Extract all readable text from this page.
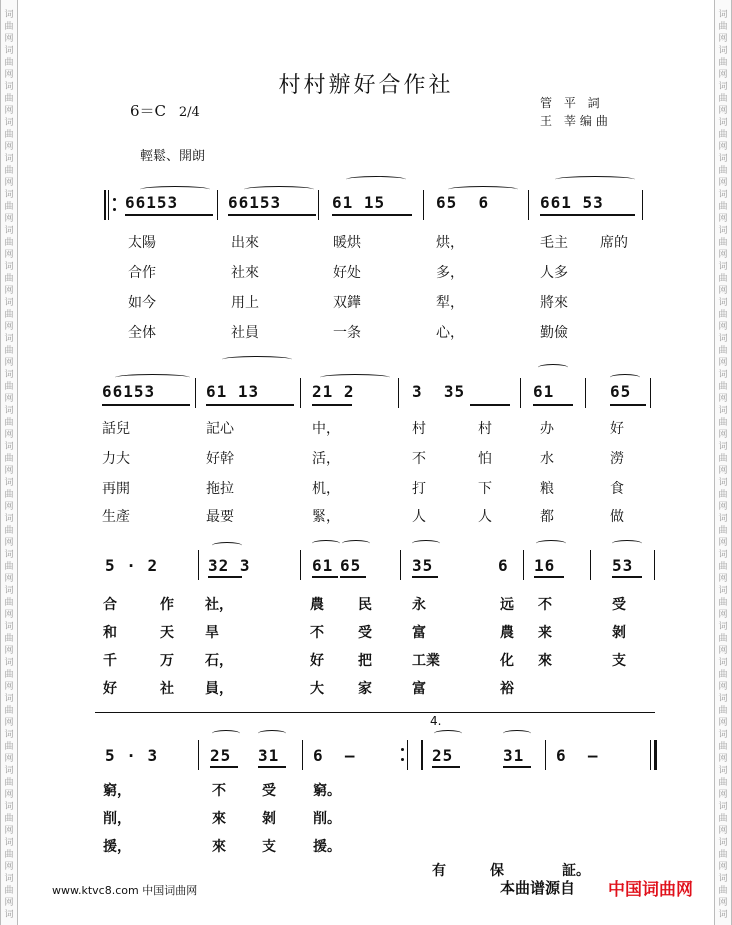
词
曲
网
词
曲
网
词
曲
网
词
曲
网
词
曲
网
词
曲
网
词
曲
网
词
曲
网
词
曲
网
词
曲
网
词
曲
网
词
曲
网
词
曲
网
词
曲
网
词
曲
网
词
曲
网
词
曲
网
词
曲
网
词
曲
网
词
曲
网
词
曲
网
词
曲
网
词
曲
网
词
曲
网
词
曲
网
词
词
曲
网
词
曲
网
词
曲
网
词
曲
网
词
曲
网
词
曲
网
词
曲
网
词
曲
网
词
曲
网
词
曲
网
词
曲
网
词
曲
网
词
曲
网
词
曲
网
词
曲
网
词
曲
网
词
曲
网
词
曲
网
词
曲
网
词
曲
网
词
曲
网
词
曲
网
词
曲
网
词
曲
网
词
曲
网
词
村村辦好合作社
6＝C 2/4
管 平 詞
王 莘编曲
輕鬆、開朗
66153	66153	61 15	65  6	661 53
太陽	出來	暖烘	烘，	毛主 席的
合作	社來	好处	多，	人多
如今	用上	双鏵	犁，	將來
全体	社員	一条	心，	勤儉
66153	61 13	21 2	3  35	61	65
話兒	記心	中，	村	村	办	好
力大	好幹	活，	不	怕	水	澇
再開	拖拉	机，	打	下	粮	食
生產	最要	緊，	人	人	都	做
5 · 2	32 3	61 65	35	6 16	53
合	作 社，	農 民	永	远 不	受
和	天 旱	不 受	富	農 来	剝
千	万 石，	好 把	工業	化 來	支
好	社 員，	大 家	富	裕
4.
5 · 3	25 31 6  —	25	31 6  —
窮，	不	受	窮。
削，	來	剝	削。
援，	來	支	援。
有	保	証。
www.ktvc8.com 中国词曲网	本曲谱源自 中国词曲网
